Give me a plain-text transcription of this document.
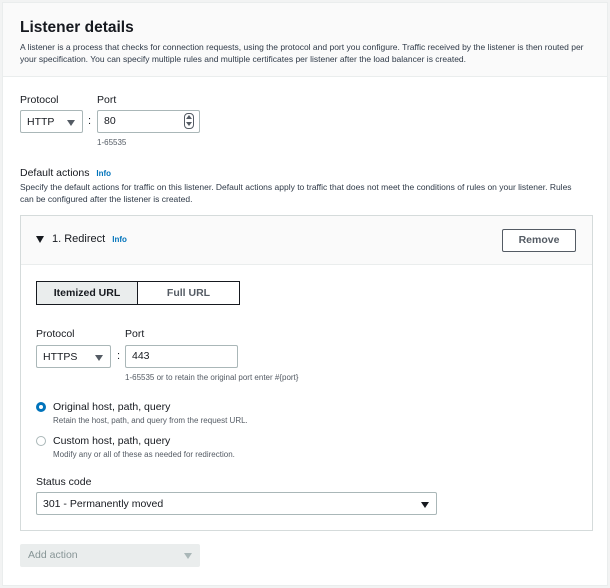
Listener details
A listener is a process that checks for connection requests, using the protocol and port you configure. Traffic received by the listener is then routed per your specification. You can specify multiple rules and multiple certificates per listener after the load balancer is created.
Protocol
HTTP	:
Port
80
1-65535
Default actions Info
Specify the default actions for traffic on this listener. Default actions apply to traffic that does not meet the conditions of rules on your listener. Rules can be configured after the listener is created.
1. Redirect Info	Remove
Itemized URL	Full URL
Protocol
HTTPS	:
Port
443
1-65535 or to retain the original port enter #{port}
Original host, path, query
Retain the host, path, and query from the request URL.
Custom host, path, query
Modify any or all of these as needed for redirection.
Status code
301 - Permanently moved
Add action
